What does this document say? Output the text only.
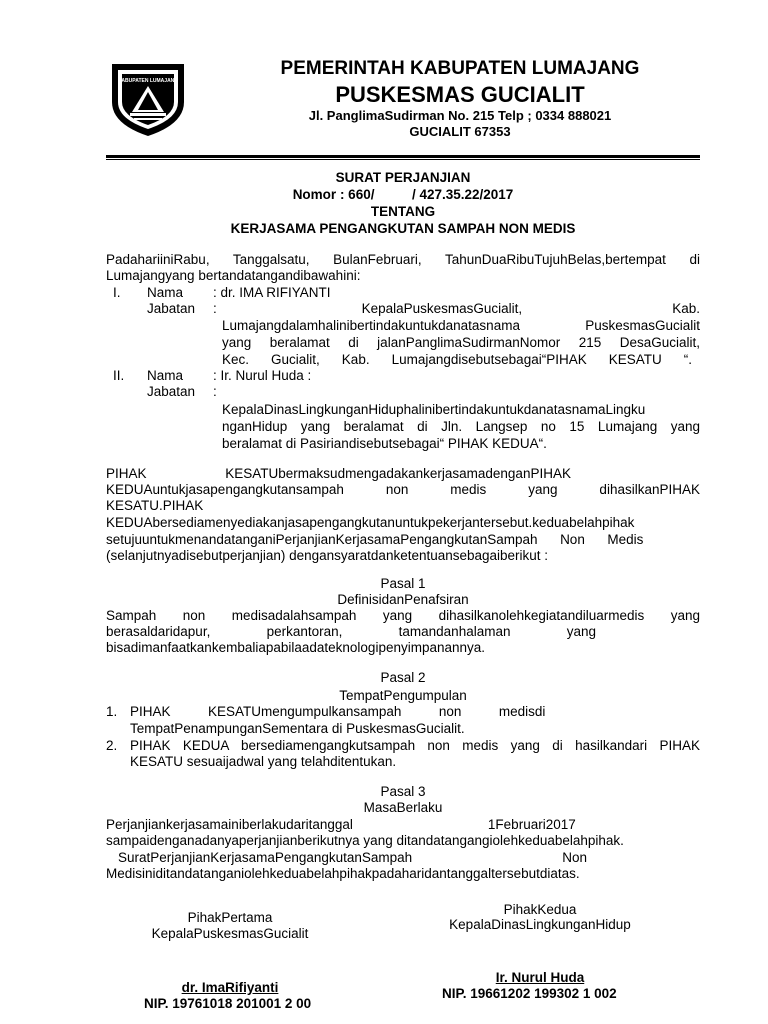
KABUPATEN LUMAJANG
PEMERINTAH KABUPATEN LUMAJANG
PUSKESMAS GUCIALIT
Jl. PanglimaSudirman No. 215 Telp ; 0334 888021
GUCIALIT 67353
SURAT PERJANJIAN
Nomor : 660/          / 427.35.22/2017
TENTANG
KERJASAMA PENGANGKUTAN SAMPAH NON MEDIS
PadahariiniRabu, Tanggalsatu, BulanFebruari, TahunDuaRibuTujuhBelas,bertempat di
Lumajangyang bertandatangandibawahini:
I. Nama : dr. IMA RIFIYANTI
Jabatan :	KepalaPuskesmasGucialit,                                        Kab.
Lumajangdalamhalinibertindakuntukdanatasnama PuskesmasGucialit
yang beralamat di jalanPanglimaSudirmanNomor 215 DesaGucialit,
Kec. Gucialit, Kab. Lumajangdisebutsebagai“PIHAK KESATU “.
II. Nama : Ir. Nurul Huda :
Jabatan :
KepalaDinasLingkunganHiduphalinibertindakuntukdanatasnamaLingku
nganHidup yang beralamat di Jln. Langsep no 15 Lumajang yang
beralamat di Pasiriandisebutsebagai“ PIHAK KEDUA“.
PIHAK                     KESATUbermaksudmengadakankerjasamadenganPIHAK
KEDUAuntukjasapengangkutansampah          non          medis          yang          dihasilkanPIHAK
KESATU.PIHAK
KEDUAbersediamenyediakanjasapengangkutanuntukpekerjantersebut.keduabelahpihak
setujuuntukmenandatanganiPerjanjianKerjasamaPengangkutanSampah      Non      Medis
(selanjutnyadisebutperjanjian) dengansyaratdanketentuansebagaiberikut :
Pasal 1
DefinisidanPenafsiran
Sampah non medisadalahsampah yang dihasilkanolehkegiatandiluarmedis yang
berasaldaridapur,               perkantoran,               tamandanhalaman               yang
bisadimanfaatkankembaliapabilaadateknologipenyimpanannya.
Pasal 2
TempatPengumpulan
1. PIHAK          KESATUmengumpulkansampah          non          medisdi
TempatPenampunganSementara di PuskesmasGucialit.
2. PIHAK KEDUA bersediamengangkutsampah non medis yang di hasilkandari PIHAK
KESATU sesuaijadwal yang telahditentukan.
Pasal 3
MasaBerlaku
Perjanjiankerjasamainiberlakudaritanggal                                    1Februari2017
sampaidenganadanyaperjanjianberikutnya yang ditandatangangiolehkeduabelahpihak.
SuratPerjanjianKerjasamaPengangkutanSampah                                        Non
Medisiniditandatanganiolehkeduabelahpihakpadaharidantanggaltersebutdiatas.
PihakPertama
KepalaPuskesmasGucialit
dr. ImaRifiyanti
NIP. 19761018 201001 2 00
PihakKedua
KepalaDinasLingkunganHidup
Ir. Nurul Huda
NIP. 19661202 199302 1 002
